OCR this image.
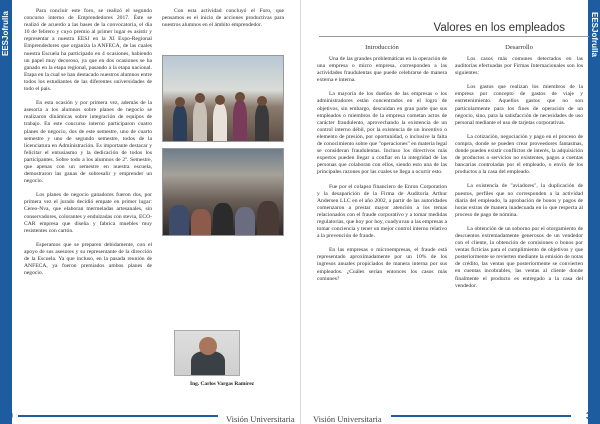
EESJofrulla

Para concluir este foro, se realizó el segundo concurso interno de Emprendedores 2017. Éste se realizó de acuerdo a las bases de la convocatoria, el día 10 de febrero y cuyo premio al primer lugar es asistir y representar a nuestra EESJ en la XI Expo-Regional Emprendedores que organiza la ANFECA, de las cuales nuestra Escuela ha participado en 4 ocasiones, habiendo un papel muy decoroso, ya que en dos ocasiones se ha ganado en la etapa regional, pasando a la etapa nacional. Etapa en la cual se han destacado nuestros alumnos entre todos los estudiantes de las diferentes universidades de todo el país.

En esta ocasión y por primera vez, además de la asesoría a los alumnos sobre planes de negocio se realizaron dinámicas sobre integración de equipos de trabajo. En este concurso interno participaron cuatro planes de negocio, dos de este semestre, uno de cuarto semestre y uno de segundo semestre, todos de la licenciatura en Administración. Es importante destacar y felicitar el entusiasmo y la dedicación de todos los participantes. Sobre todo a los alumnos de 2º. Semestre, que apenas con un semestre en nuestra escuela, demostraron las ganas de sobresalir y emprender un negocio.

Los planes de negocio ganadores fueron dos, por primera vez el jurado decidió empate en primer lugar: Cereo-Nva, que elaboran mermeladas artesanales, sin conservadores, colorantes y endulzadas con stevia, ECO-CAR empresa que diseña y fabrica muebles muy resistentes con cartón.

Esperamos que se preparen debidamente, con el apoyo de sus asesores y su representante de la dirección de la Escuela. Ya que incluso, en la pasada reunión de ANFECA, ya fueron premiados ambos planes de negocio.

Con esta actividad concluyó el Foro, que pensamos es el inicio de acciones productivas para nuestros alumnos en el ámbito emprendedor.

Ing. Carlos Vargas Ramírez
30	Visión Universitaria
EESJofrulla
Valores en los empleados
Introducción	Desarrollo

Una de las grandes problemáticas en la operación de una empresa o micro empresa, corresponden a las actividades fraudulentas que puede celebrarse de manera externa e interna.

La mayoría de los dueños de las empresas o los administradores están concentrados en el logro de objetivos, sin embargo, descuidan en gran parte que sus empleados o miembros de la empresa cometan actos de carácter fraudulento, aprovechando la existencia de un control interno débil, por la existencia de un incentivo o elemento de presión, por oportunidad, o inclusive la falta de conocimiento sobre que "operaciones" en materia legal se consideran fraudulentas. Incluso los directivos más expertos pueden llegar a confiar en la integridad de las personas que colaboran con ellos, siendo esto una de las principales razones por las cuales se llega a ocurrir esto.

Fue por el colapso financiero de Enron Corporation y la desaparición de la Firma de Auditoría Arthur Andersen LLC en el año 2002, a partir de las autoridades comenzaron a prestar mayor atención a los temas relacionados con el fraude corporativo y a tomar medidas regulatorias, que hoy por hoy, coadyuvan a las empresas a tomar conciencia y tener un mejor control interno relativo a la prevención de fraude.

En las empresas o microempresas, el fraude está representado aproximadamente por un 10% de los ingresos anuales propiciados de manera interna por sus empleados. ¿Cuáles serían entonces los casos más comunes?

Los casos más comunes detectados en las auditorías efectuadas por Firmas Internacionales son los siguientes:

Los gastos que realizan los miembros de la empresa por concepto de gastos de viaje y entretenimiento. Aquellos gastos que no son particularmente para los fines de operación de un negocio, sino, para la satisfacción de necesidades de uso personal mediante el uso de tarjetas corporativas.

La cotización, negociación y pago en el proceso de compra, donde se pueden crear proveedores fantasmas, donde pueden existir conflictos de interés, la adquisición de productos o servicios no existentes, pagos a cuentas bancarias controladas por el empleado, o envío de los productos a la casa del empleado.

La existencia de "aviadores", la duplicación de puestos, perfiles que no corresponden a la actividad diaria del empleado, la aprobación de bonos y pagos de horas extras de manera inadecuada en lo que respecta al proceso de pago de nómina.

La obtención de un soborno por el otorgamiento de descuentos extremadamente generosos de un vendedor con el cliente, la obtención de comisiones o bonos por ventas ficticias para el cumplimiento de objetivos y que posteriormente se revierten mediante la emisión de notas de crédito, las ventas que posteriormente se convierten en cuentas incobrables, las ventas al cliente donde finalmente el producto es entregado a la casa del vendedor.

Visión Universitaria	31
